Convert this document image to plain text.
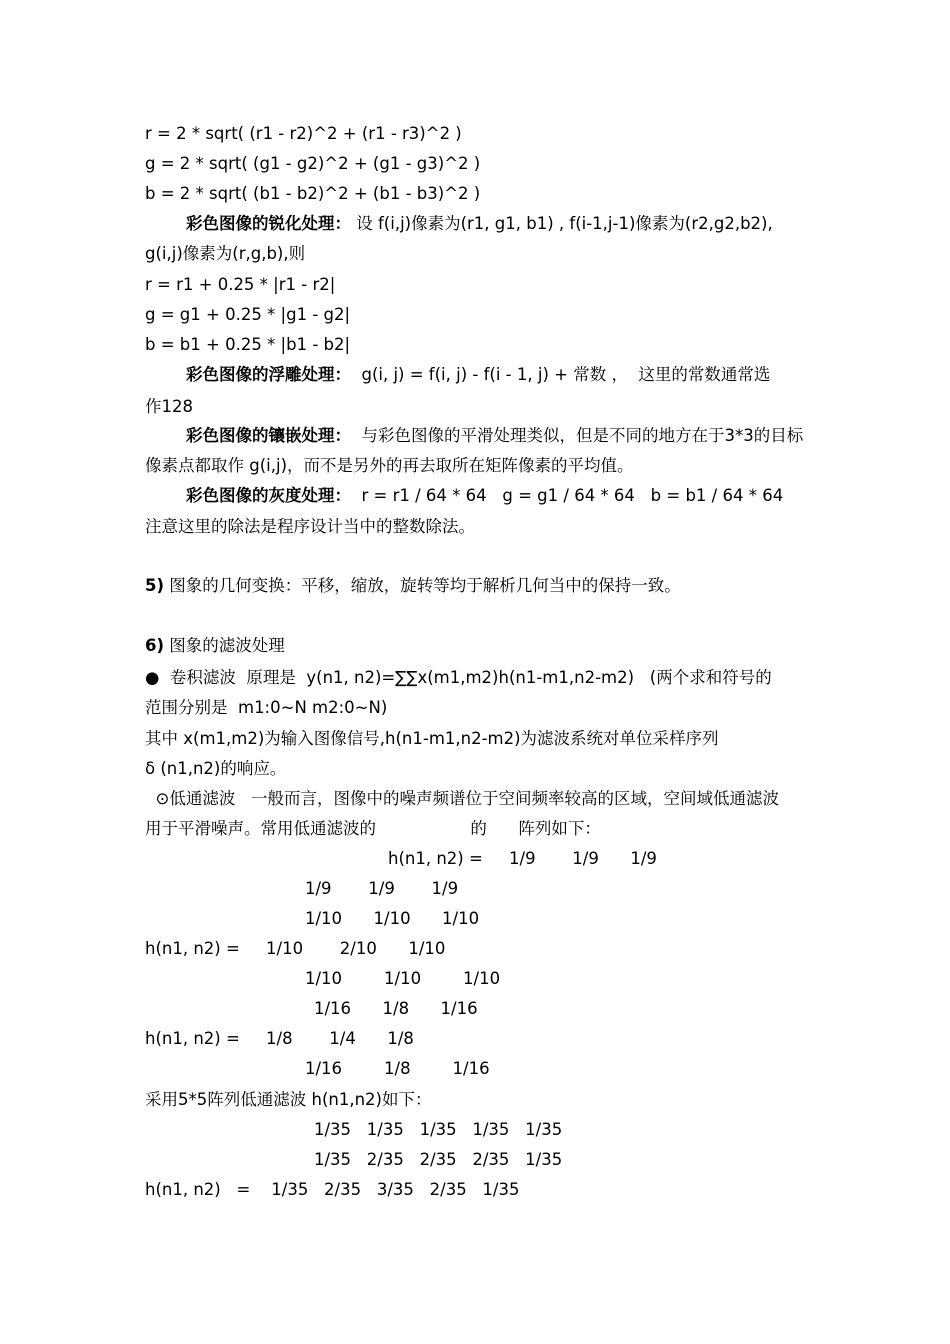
r = 2 * sqrt( (r1 - r2)^2 + (r1 - r3)^2 )
g = 2 * sqrt( (g1 - g2)^2 + (g1 - g3)^2 )
b = 2 * sqrt( (b1 - b2)^2 + (b1 - b3)^2 )
彩色图像的锐化处理： 设 f(i,j)像素为(r1, g1, b1) , f(i-1,j-1)像素为(r2,g2,b2),
g(i,j)像素为(r,g,b),则
r = r1 + 0.25 * |r1 - r2|
g = g1 + 0.25 * |g1 - g2|
b = b1 + 0.25 * |b1 - b2|
彩色图像的浮雕处理：  g(i, j) = f(i, j) - f(i - 1, j) + 常数 ，  这里的常数通常选
作128
彩色图像的镶嵌处理：  与彩色图像的平滑处理类似，但是不同的地方在于3*3的目标
像素点都取作 g(i,j)，而不是另外的再去取所在矩阵像素的平均值。
彩色图像的灰度处理：  r = r1 / 64 * 64   g = g1 / 64 * 64   b = b1 / 64 * 64
注意这里的除法是程序设计当中的整数除法。
5) 图象的几何变换：平移，缩放，旋转等均于解析几何当中的保持一致。
6) 图象的滤波处理
●  卷积滤波  原理是  y(n1, n2)=∑∑x(m1,m2)h(n1-m1,n2-m2)   (两个求和符号的
范围分别是  m1:0~N m2:0~N)
其中 x(m1,m2)为输入图像信号,h(n1-m1,n2-m2)为滤波系统对单位采样序列
δ (n1,n2)的响应。
⊙低通滤波   一般而言，图像中的噪声频谱位于空间频率较高的区域，空间域低通滤波
用于平滑噪声。常用低通滤波的                  的      阵列如下：
h(n1, n2) =     1/9       1/9      1/9
1/9       1/9       1/9
1/10      1/10      1/10
h(n1, n2) =     1/10       2/10      1/10
1/10        1/10        1/10
1/16      1/8      1/16
h(n1, n2) =     1/8       1/4      1/8
1/16        1/8        1/16
采用5*5阵列低通滤波 h(n1,n2)如下：
1/35   1/35   1/35   1/35   1/35
1/35   2/35   2/35   2/35   1/35
h(n1, n2)   =    1/35   2/35   3/35   2/35   1/35
